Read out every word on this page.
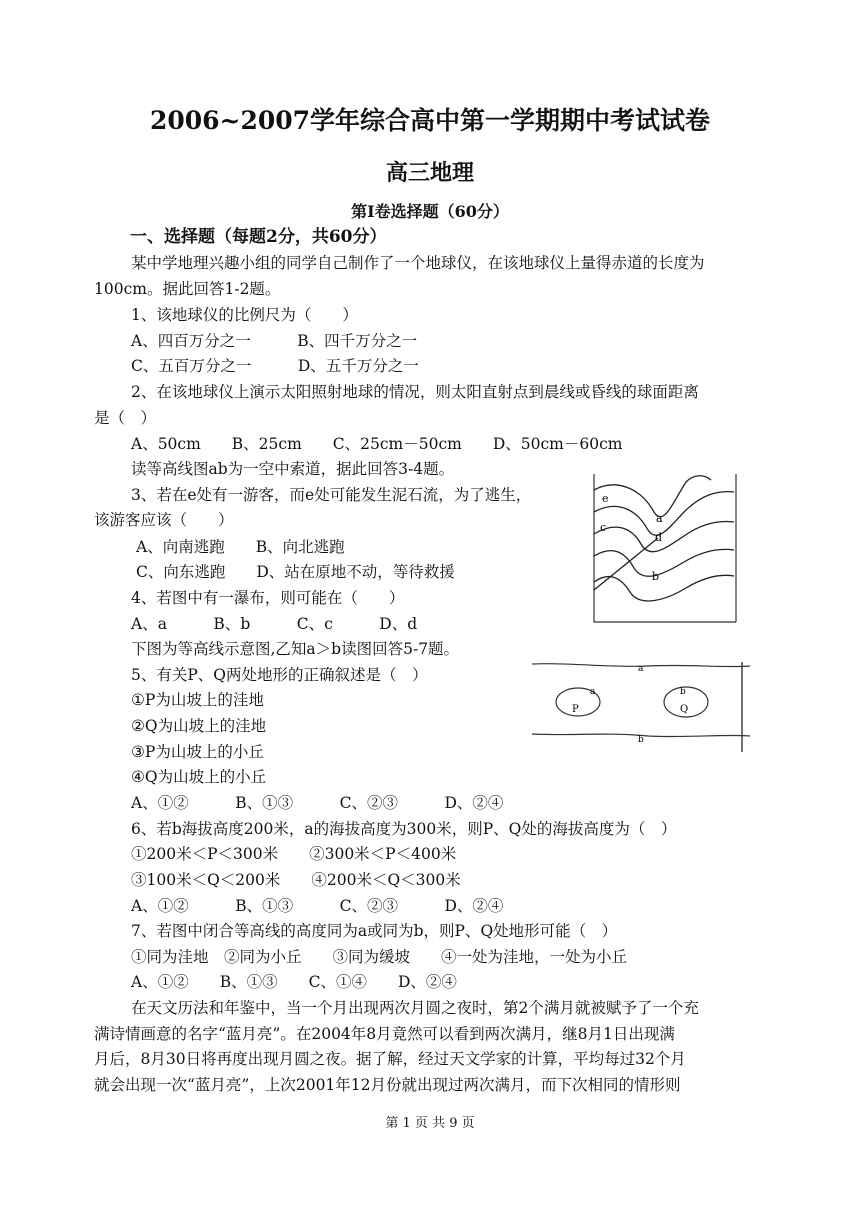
2006~2007学年综合高中第一学期期中考试试卷
高三地理
第Ⅰ卷选择题（60分）
一、选择题（每题2分，共60分）
某中学地理兴趣小组的同学自己制作了一个地球仪，在该地球仪上量得赤道的长度为
100cm。据此回答1-2题。
1、该地球仪的比例尺为（　　）
A、四百万分之一　　　B、四千万分之一
C、五百万分之一　　　D、五千万分之一
2、在该地球仪上演示太阳照射地球的情况，则太阳直射点到晨线或昏线的球面距离
是（　）
A、50cm　　B、25cm　　C、25cm－50cm　　D、50cm－60cm
读等高线图ab为一空中索道，据此回答3-4题。
3、若在e处有一游客，而e处可能发生泥石流，为了逃生，
该游客应该（　　）
A、向南逃跑　　B、向北逃跑
C、向东逃跑　　D、站在原地不动，等待救援
4、若图中有一瀑布，则可能在（　　）
A、a　　　B、b　　　C、c　　　D、d
下图为等高线示意图,乙知a＞b读图回答5-7题。
5、有关P、Q两处地形的正确叙述是（　）
①P为山坡上的洼地
②Q为山坡上的洼地
③P为山坡上的小丘
④Q为山坡上的小丘
A、①②　　　B、①③　　　C、②③　　　D、②④
6、若b海拔高度200米，a的海拔高度为300米，则P、Q处的海拔高度为（　）
①200米＜P＜300米　　②300米＜P＜400米
③100米＜Q＜200米　　④200米＜Q＜300米
A、①②　　　B、①③　　　C、②③　　　D、②④
7、若图中闭合等高线的高度同为a或同为b，则P、Q处地形可能（　）
①同为洼地　②同为小丘　　③同为缓坡　　④一处为洼地，一处为小丘
A、①②　　B、①③　　C、①④　　D、②④
在天文历法和年鉴中，当一个月出现两次月圆之夜时，第2个满月就被赋予了一个充
满诗情画意的名字“蓝月亮”。在2004年8月竟然可以看到两次满月，继8月1日出现满
月后，8月30日将再度出现月圆之夜。据了解，经过天文学家的计算，平均每过32个月
就会出现一次“蓝月亮”，上次2001年12月份就出现过两次满月，而下次相同的情形则
e
c
d
a
b
a
a	b
P	Q
b
第 1 页 共 9 页
